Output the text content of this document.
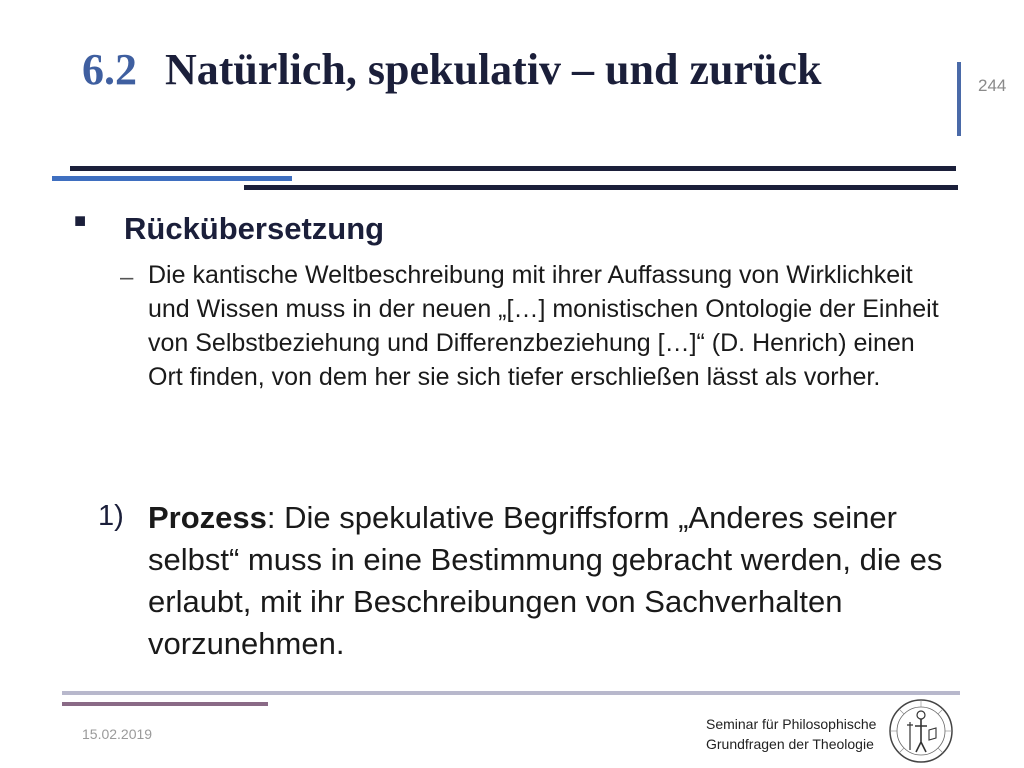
6.2 Natürlich, spekulativ – und zurück	244
■ Rückübersetzung
– Die kantische Weltbeschreibung mit ihrer Auffassung von Wirklichkeit und Wissen muss in der neuen „[…] monistischen Ontologie der Einheit von Selbstbeziehung und Differenzbeziehung […]“ (D. Henrich) einen Ort finden, von dem her sie sich tiefer erschließen lässt als vorher.
1) Prozess: Die spekulative Begriffsform „Anderes seiner selbst“ muss in eine Bestimmung gebracht werden, die es erlaubt, mit ihr Beschreibungen von Sachverhalten vorzunehmen.
15.02.2019
Seminar für Philosophische
Grundfragen der Theologie
